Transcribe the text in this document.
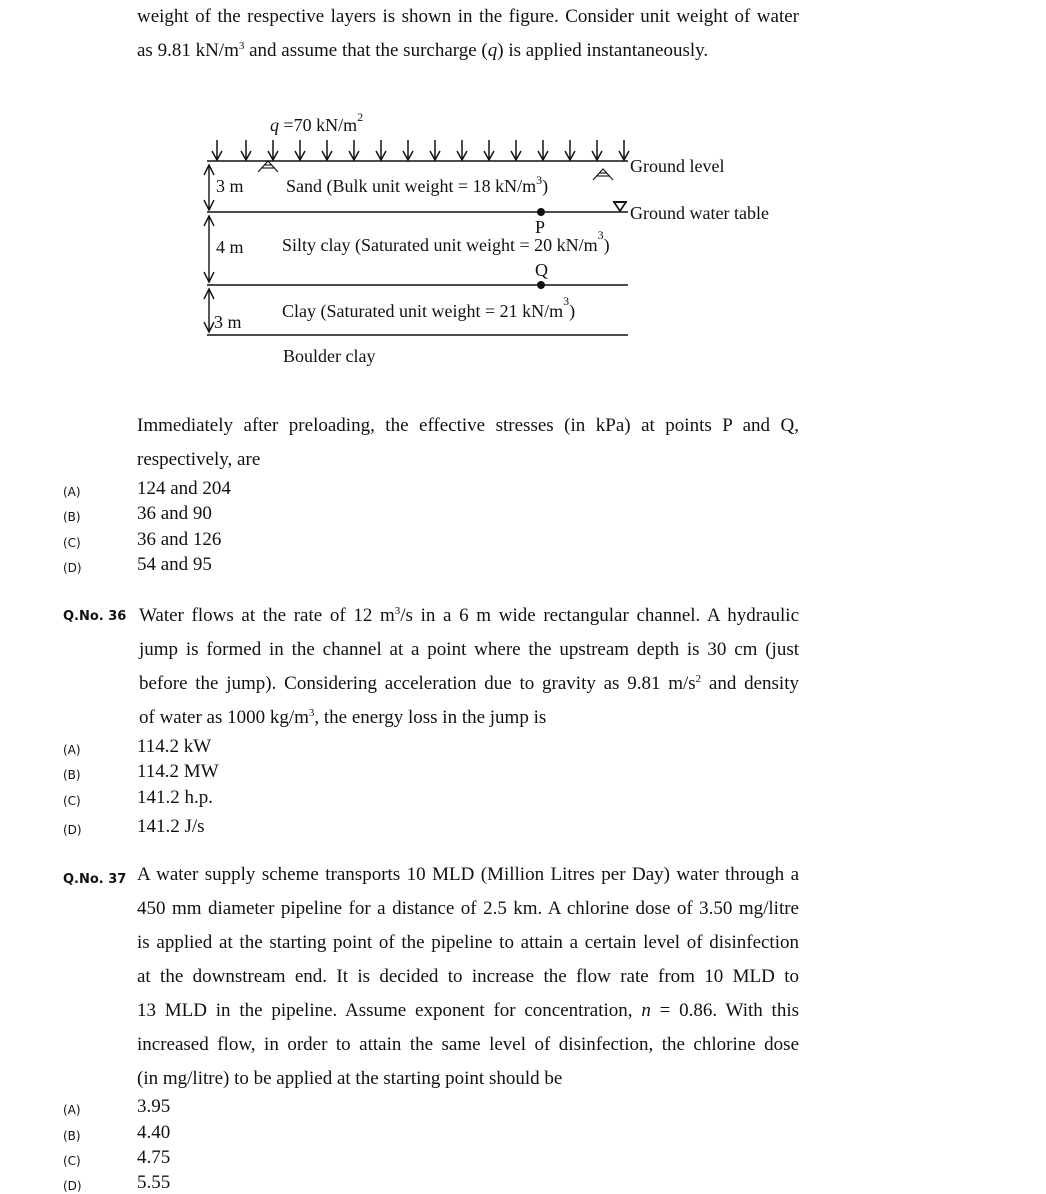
weight of the respective layers is shown in the figure. Consider unit weight of water
as 9.81 $kN/m^3$ and assume that the surcharge (q) is applied instantaneously.
q =70 $kN/m^2$
Ground level
3 m Sand (Bulk unit weight = 18 $kN/m^3$)
Ground water table
P
4 m Silty clay (Saturated unit weight = 20 $kN/m^3$)
Q
3 m
Clay (Saturated unit weight = 21 $kN/m^3$)
Boulder clay
Immediately after preloading, the effective stresses (in kPa) at points P and Q,
respectively, are
(A)	124 and 204
(B)	36 and 90
(C)	36 and 126
(D)	54 and 95
Q.No. 36 Water flows at the rate of 12 $m^3/s$ in a 6 m wide rectangular channel. A hydraulic
jump is formed in the channel at a point where the upstream depth is 30 cm (just
before the jump). Considering acceleration due to gravity as 9.81 $m/s^2$ and density
of water as 1000 $kg/m^3$, the energy loss in the jump is
(A)	114.2 kW
(B)	114.2 MW
(C)	141.2 h.p.
(D)	141.2 J/s
Q.No. 37 A water supply scheme transports 10 MLD (Million Litres per Day) water through a
450 mm diameter pipeline for a distance of 2.5 km. A chlorine dose of 3.50 mg/litre
is applied at the starting point of the pipeline to attain a certain level of disinfection
at the downstream end. It is decided to increase the flow rate from 10 MLD to
13 MLD in the pipeline. Assume exponent for concentration, n = 0.86. With this
increased flow, in order to attain the same level of disinfection, the chlorine dose
(in mg/litre) to be applied at the starting point should be
(A)	3.95
(B)	4.40
(C)	4.75
(D)	5.55
